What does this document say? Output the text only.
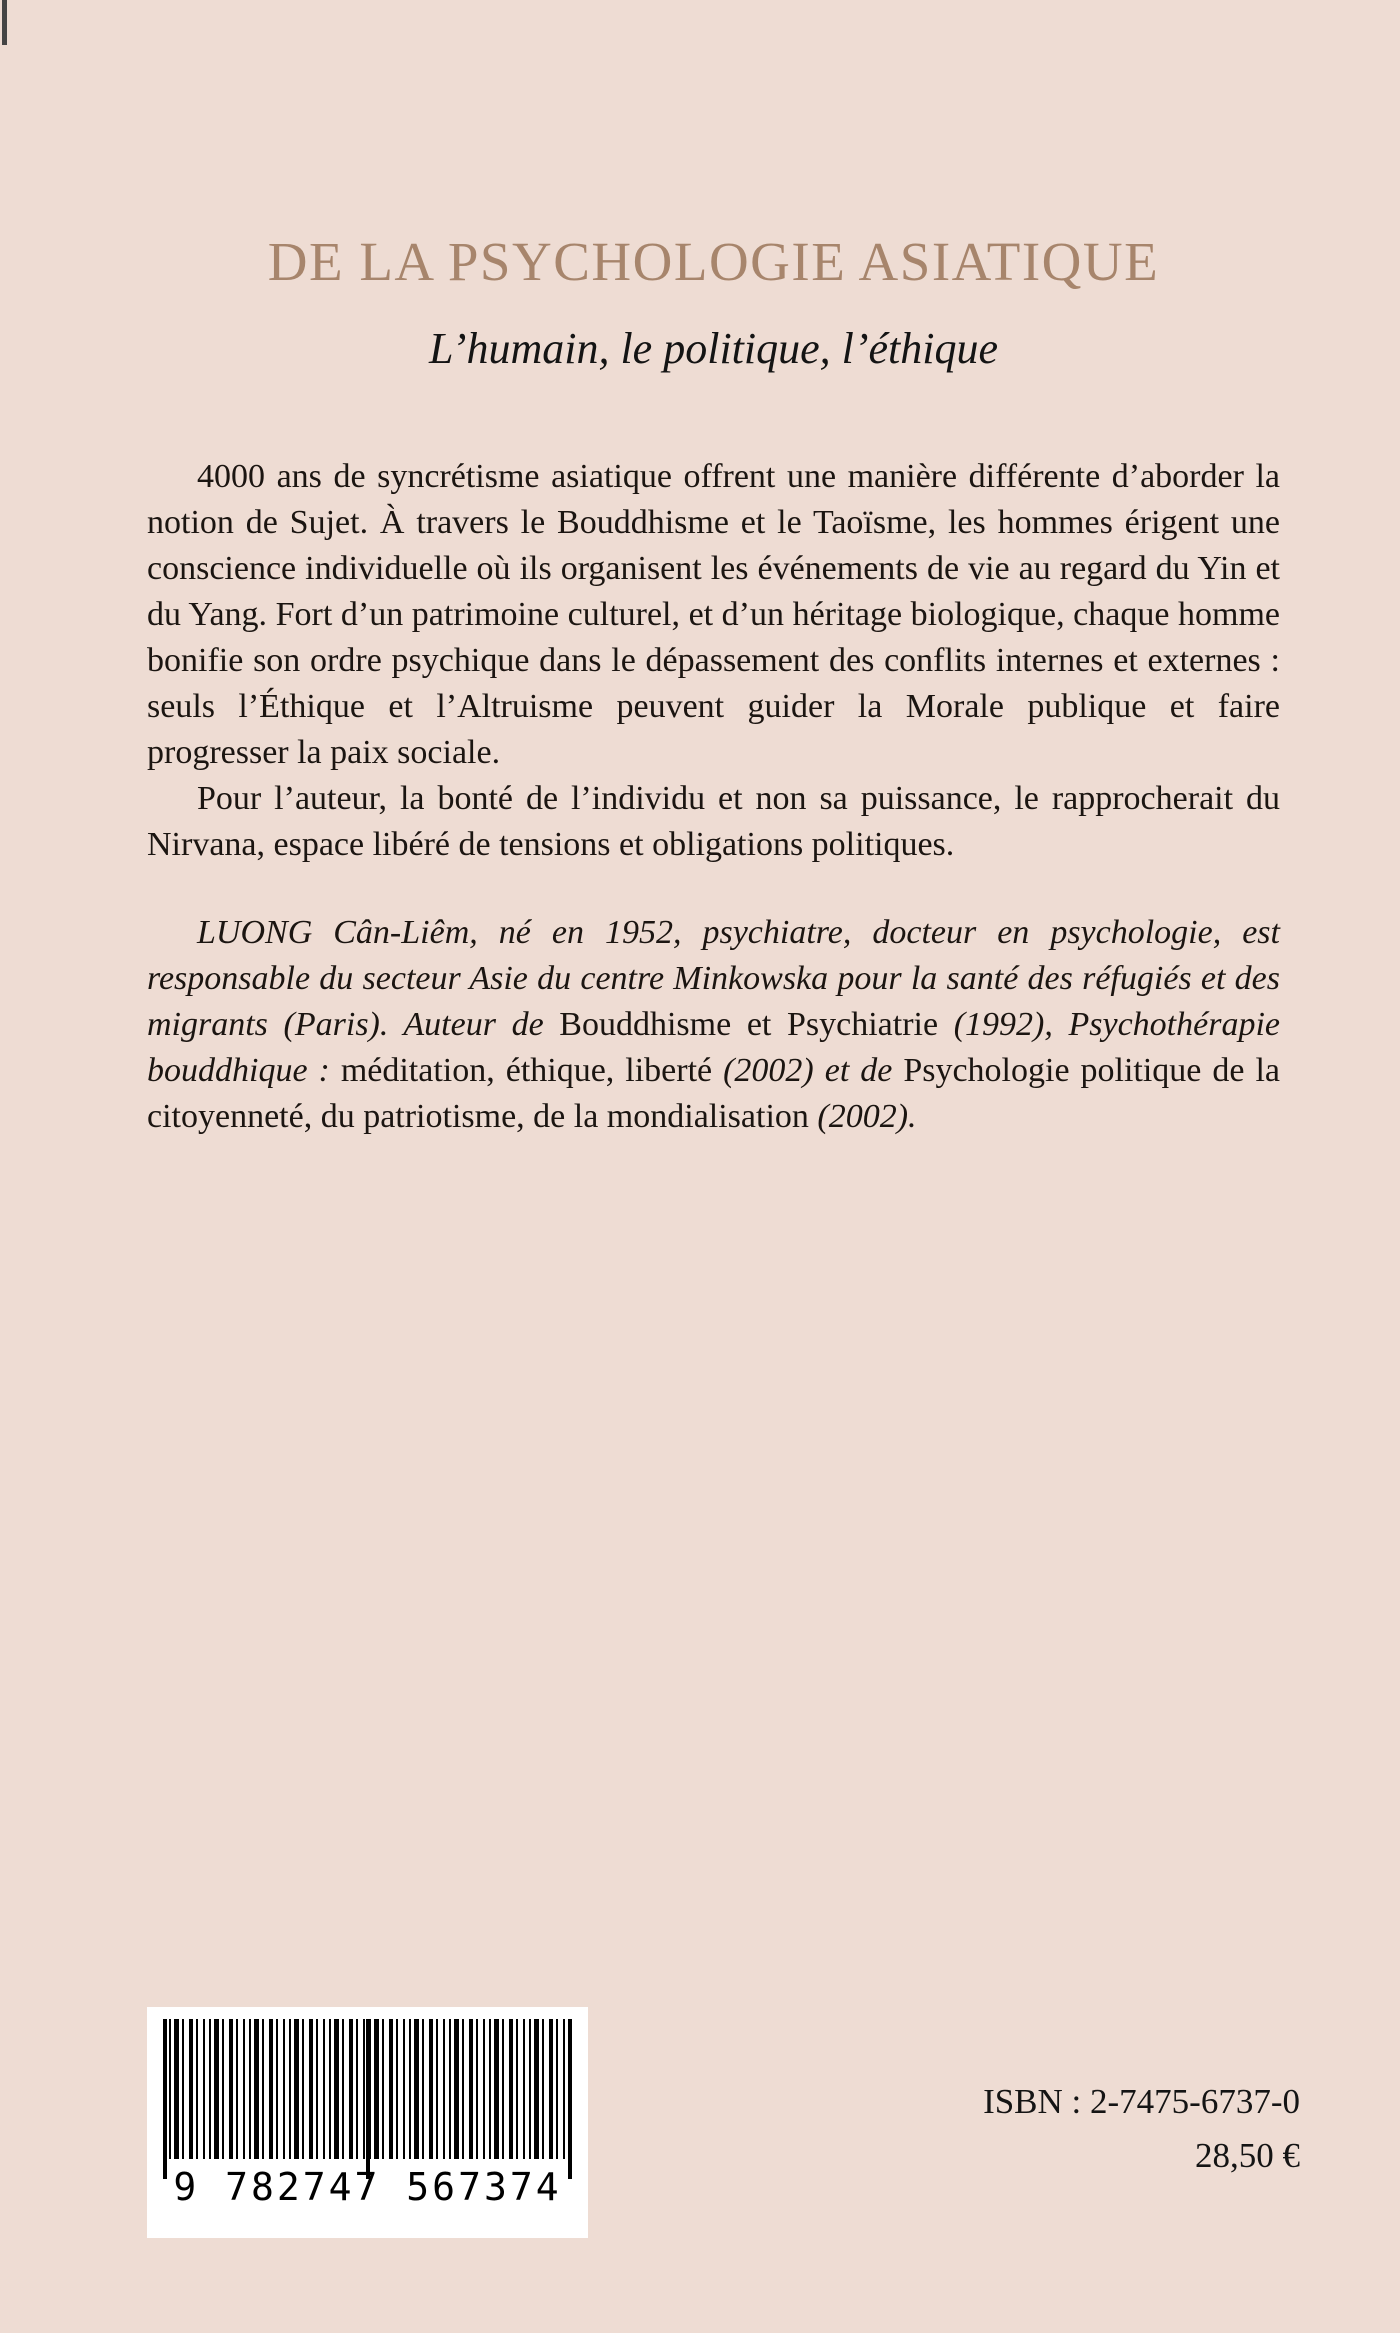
DE LA PSYCHOLOGIE ASIATIQUE
L’humain, le politique, l’éthique

4000 ans de syncrétisme asiatique offrent une manière différente d’aborder la notion de Sujet. À travers le Bouddhisme et le Taoïsme, les hommes érigent une conscience individuelle où ils organisent les événements de vie au regard du Yin et du Yang. Fort d’un patrimoine culturel, et d’un héritage biologique, chaque homme bonifie son ordre psychique dans le dépassement des conflits internes et externes : seuls l’Éthique et l’Altruisme peuvent guider la Morale publique et faire progresser la paix sociale.

Pour l’auteur, la bonté de l’individu et non sa puissance, le rapprocherait du Nirvana, espace libéré de tensions et obligations politiques.

LUONG Cân-Liêm, né en 1952, psychiatre, docteur en psychologie, est responsable du secteur Asie du centre Minkowska pour la santé des réfugiés et des migrants (Paris). Auteur de Bouddhisme et Psychiatrie (1992), Psychothérapie bouddhique : méditation, éthique, liberté (2002) et de Psychologie politique de la citoyenneté, du patriotisme, de la mondialisation (2002).

9 782747 567374
ISBN : 2-7475-6737-0
28,50 €
